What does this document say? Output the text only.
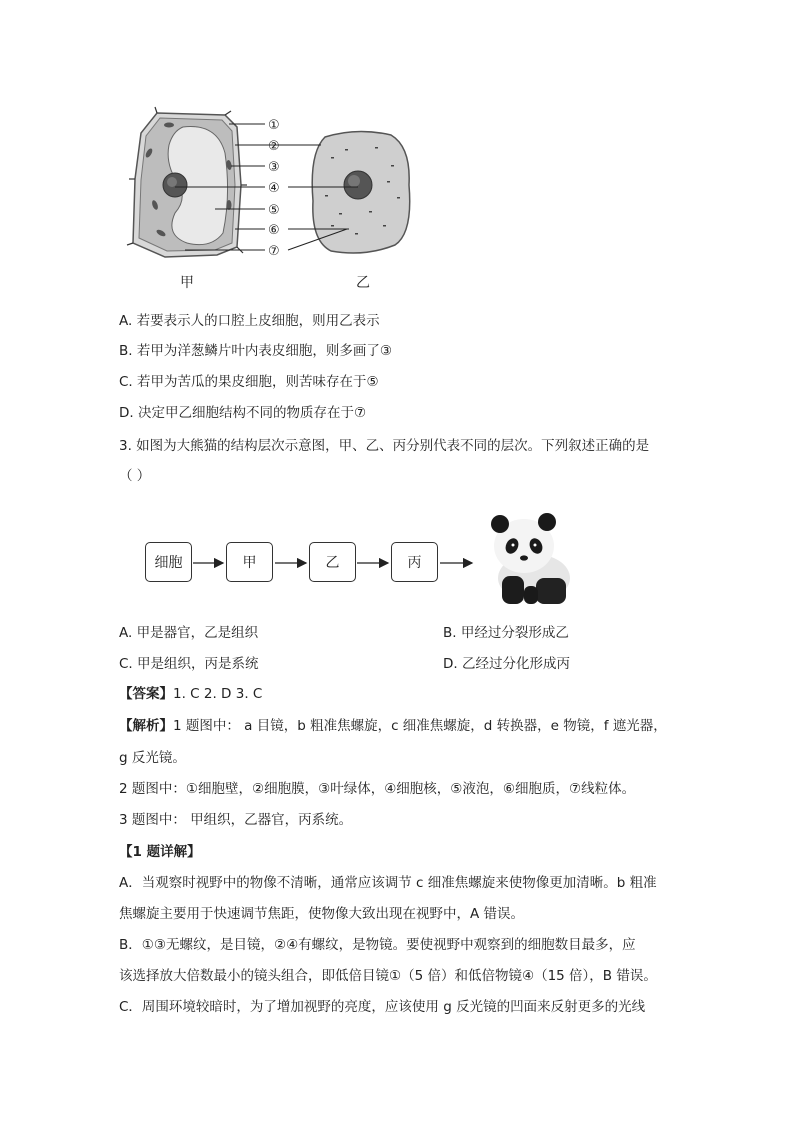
①
②
③
④
⑤
⑥
⑦
甲	乙
A. 若要表示人的口腔上皮细胞，则用乙表示
B. 若甲为洋葱鳞片叶内表皮细胞，则多画了③
C. 若甲为苦瓜的果皮细胞，则苦味存在于⑤
D. 决定甲乙细胞结构不同的物质存在于⑦
3. 如图为大熊猫的结构层次示意图，甲、乙、丙分别代表不同的层次。下列叙述正确的是
（ ）
细胞	甲	乙	丙
A. 甲是器官，乙是组织	B. 甲经过分裂形成乙
C. 甲是组织，丙是系统	D. 乙经过分化形成丙
【答案】1. C 2. D 3. C
【解析】1 题图中： a 目镜，b 粗准焦螺旋，c 细准焦螺旋，d 转换器，e 物镜，f 遮光器，
g 反光镜。
2 题图中：①细胞壁，②细胞膜，③叶绿体，④细胞核，⑤液泡，⑥细胞质，⑦线粒体。
3 题图中： 甲组织，乙器官，丙系统。
【1 题详解】
A．当观察时视野中的物像不清晰，通常应该调节 c 细准焦螺旋来使物像更加清晰。b 粗准
焦螺旋主要用于快速调节焦距，使物像大致出现在视野中，A 错误。
B．①③无螺纹，是目镜，②④有螺纹，是物镜。要使视野中观察到的细胞数目最多，应
该选择放大倍数最小的镜头组合，即低倍目镜①（5 倍）和低倍物镜④（15 倍），B 错误。
C．周围环境较暗时，为了增加视野的亮度，应该使用 g 反光镜的凹面来反射更多的光线
